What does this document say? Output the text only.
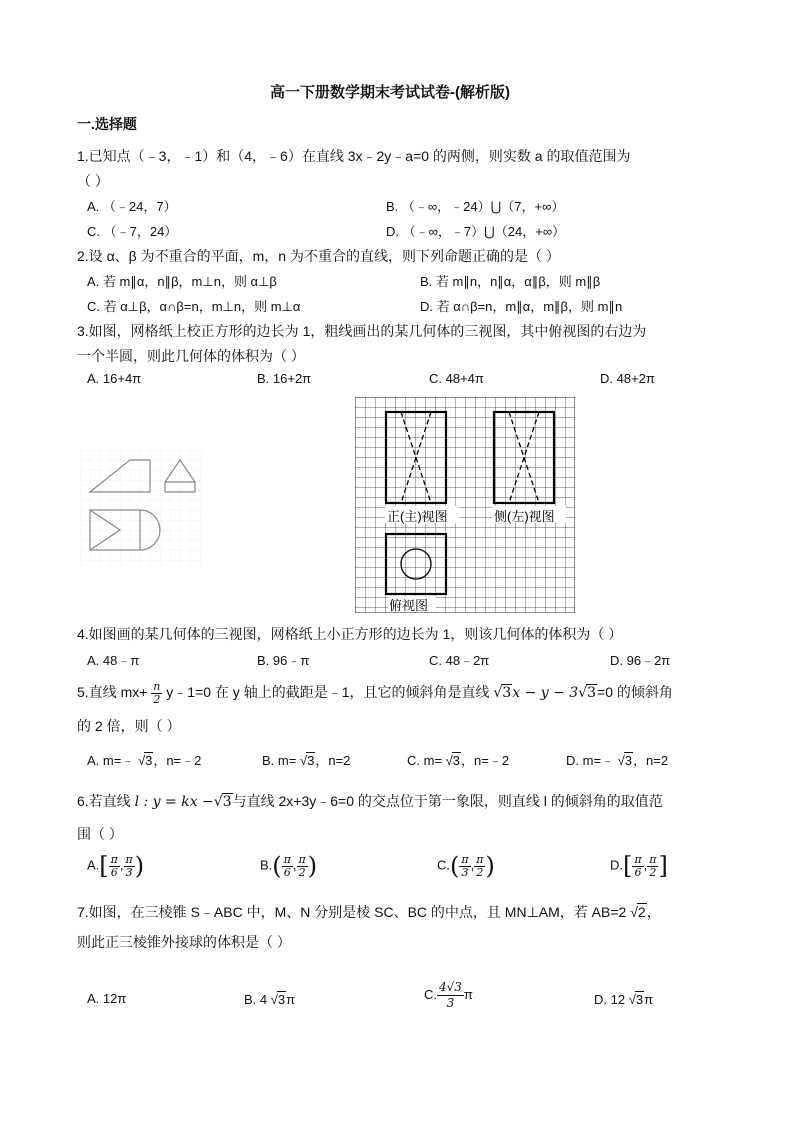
高一下册数学期末考试试卷-(解析版)
一.选择题
1.已知点（﹣3，﹣1）和（4，﹣6）在直线 3x﹣2y﹣a=0 的两侧，则实数 a 的取值范围为
（ ）
A. （﹣24，7）	B. （﹣∞，﹣24）⋃（7，+∞）
C. （﹣7，24）	D. （﹣∞，﹣7）⋃（24，+∞）
2.设 α、β 为不重合的平面，m，n 为不重合的直线，则下列命题正确的是（ ）
A. 若 m∥α，n∥β，m⊥n，则 α⊥β	B. 若 m∥n，n∥α，α∥β，则 m∥β
C. 若 α⊥β，α∩β=n，m⊥n，则 m⊥α	D. 若 α∩β=n，m∥α，m∥β，则 m∥n
3.如图，网格纸上校正方形的边长为 1，粗线画出的某几何体的三视图，其中俯视图的右边为
一个半圆，则此几何体的体积为（ ）
A. 16+4π	B. 16+2π	C. 48+4π	D. 48+2π
正(主)视图	侧(左)视图
俯视图
4.如图画的某几何体的三视图，网格纸上小正方形的边长为 1，则该几何体的体积为（ ）
A. 48﹣π	B. 96﹣π	C. 48﹣2π	D. 96﹣2π
5.直线 $mx+ \frac{n}{2}$ y﹣1=0 在 y 轴上的截距是﹣1，且它的倾斜角是直线 √3x − y − 3√3=0 的倾斜角
的 2 倍，则（ ）
A. m=﹣ √3，n=﹣2	B. m= √3，n=2	C. m= √3，n=﹣2	D. m=﹣ √3，n=2
6.若直线 l : y = kx −√3与直线 2x+3y﹣6=0 的交点位于第一象限，则直线 l 的倾斜角的取值范
围（ ）
$A.[ \frac{\pi}{6}$ , $\frac{\pi}{3}$ )	$B.( \frac{\pi}{6}$ , $\frac{\pi}{2}$ )	$C.( \frac{\pi}{3}$ , $\frac{\pi}{2}$ )	$D.[ \frac{\pi}{6}$ , $\frac{\pi}{2}$ ]
7.如图，在三棱锥 S﹣ABC 中，M、N 分别是棱 SC、BC 的中点，且 MN⊥AM，若 AB=2 √2，
则此正三棱锥外接球的体积是（ ）
A. 12π	B. 4 √3π	C. $\frac{4√3}{3}$ π	D. 12 √3π
